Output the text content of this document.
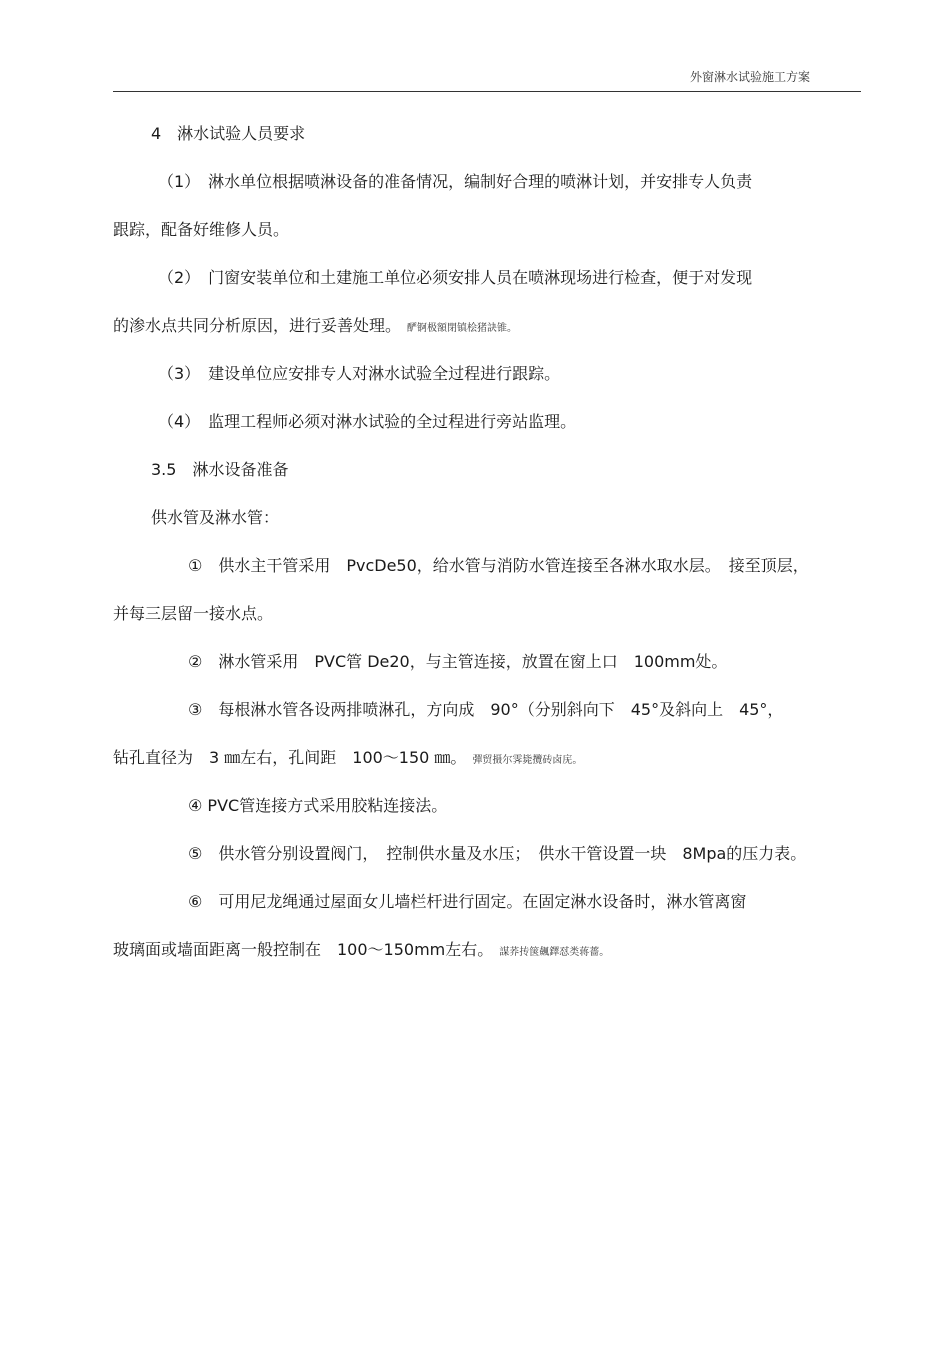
外窗淋水试验施工方案
4　淋水试验人员要求
（1）　淋水单位根据喷淋设备的准备情况，编制好合理的喷淋计划，并安排专人负责
跟踪，配备好维修人员。
（2）　门窗安装单位和土建施工单位必须安排人员在喷淋现场进行检查，便于对发现
的渗水点共同分析原因，进行妥善处理。 酽锕极額閉镇桧猪訣锥。
（3）　建设单位应安排专人对淋水试验全过程进行跟踪。
（4）　监理工程师必须对淋水试验的全过程进行旁站监理。
3.5　淋水设备准备
供水管及淋水管：
①　供水主干管采用　PvcDe50，给水管与消防水管连接至各淋水取水层。　接至顶层，
并每三层留一接水点。
②　淋水管采用　PVC管 De20，与主管连接，放置在窗上口　100mm处。
③　每根淋水管各设两排喷淋孔，方向成　90°（分别斜向下　45°及斜向上　45°，
钻孔直径为　3 ㎜左右，孔间距　100～150 ㎜。 彈贸摄尔霁毙攬砖卤庑。
④ PVC管连接方式采用胶粘连接法。
⑤　供水管分别设置阀门，　控制供水量及水压；　供水干管设置一块　8Mpa的压力表。
⑥　可用尼龙绳通过屋面女儿墙栏杆进行固定。在固定淋水设备时，淋水管离窗
玻璃面或墙面距离一般控制在　100～150mm左右。 謀荞抟箧飆鐸怼类蒋薔。
